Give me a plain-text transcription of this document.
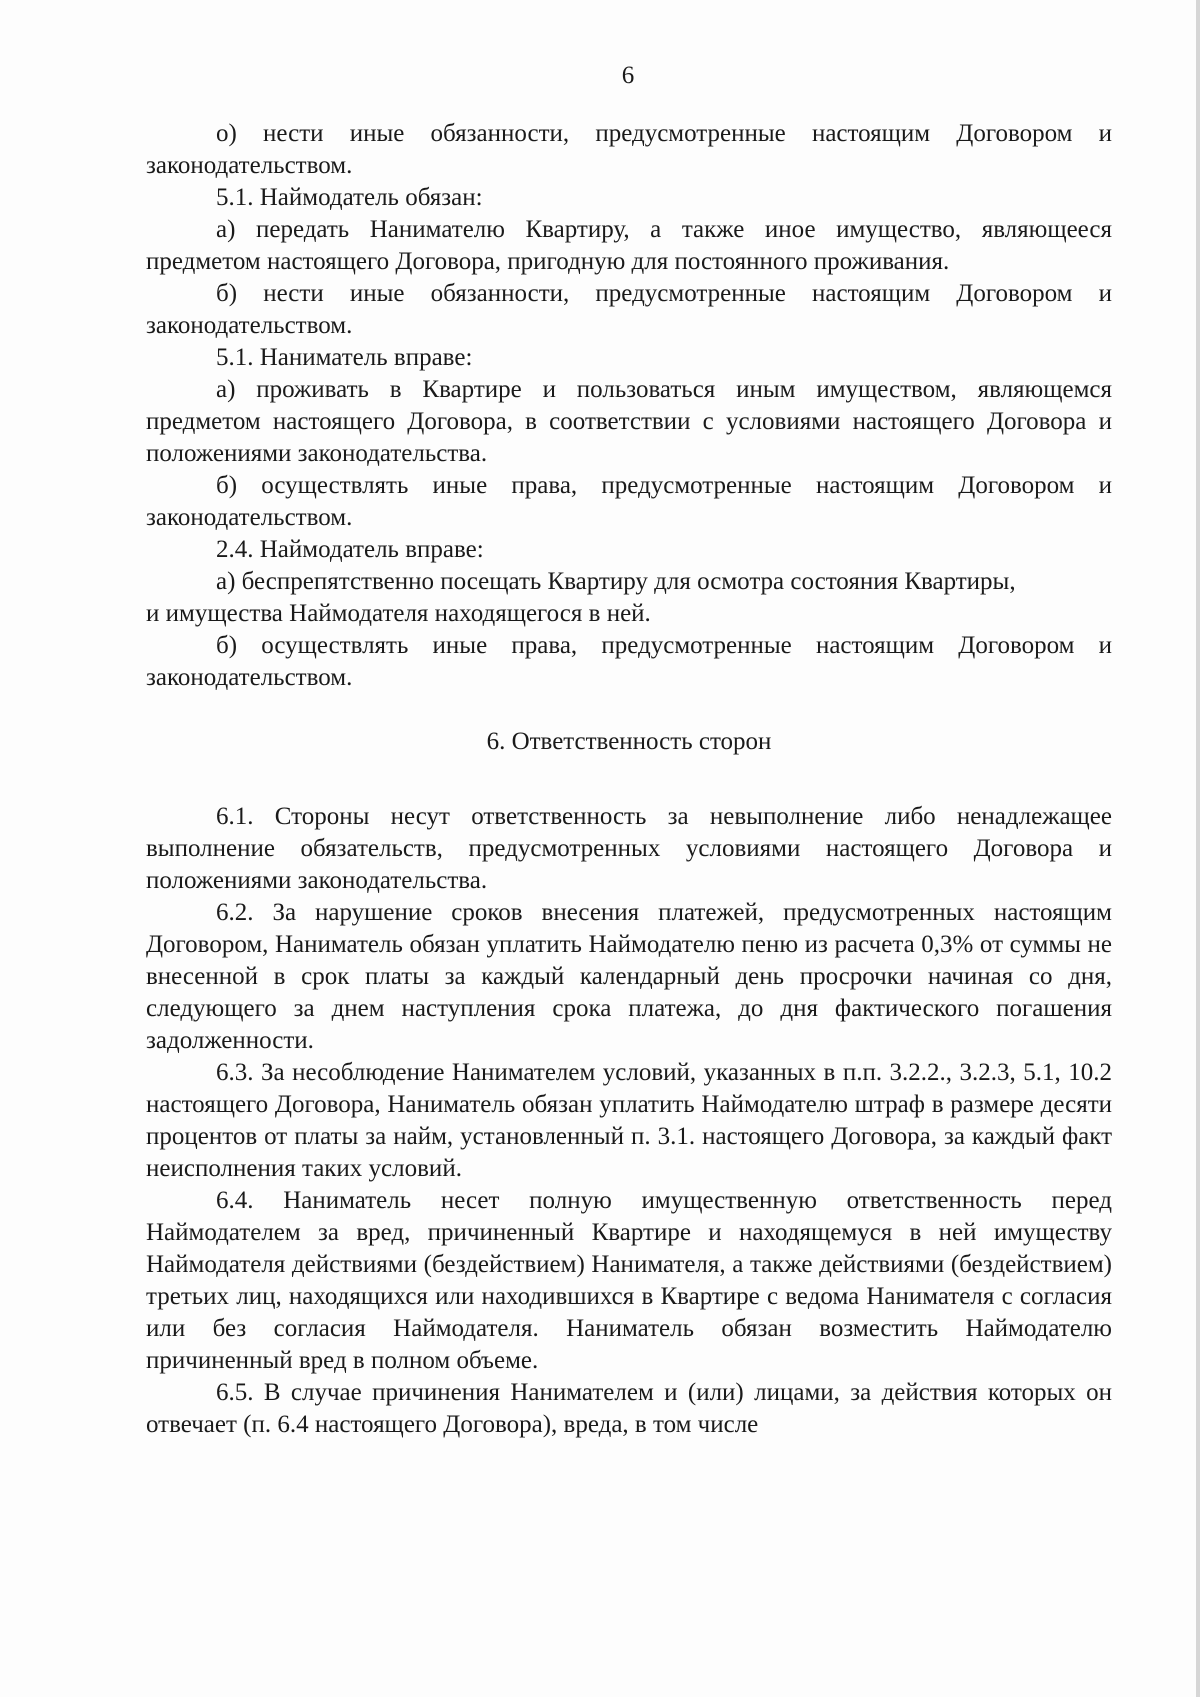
6

о) нести иные обязанности, предусмотренные настоящим Договором и законодательством.

5.1. Наймодатель обязан:

а) передать Нанимателю Квартиру, а также иное имущество, являющееся предметом настоящего Договора, пригодную для постоянного проживания.

б) нести иные обязанности, предусмотренные настоящим Договором и законодательством.

5.1. Наниматель вправе:

а) проживать в Квартире и пользоваться иным имуществом, являющемся предметом настоящего Договора, в соответствии с условиями настоящего Договора и положениями законодательства.

б) осуществлять иные права, предусмотренные настоящим Договором и законодательством.

2.4. Наймодатель вправе:

а) беспрепятственно посещать Квартиру для осмотра состояния Квартиры,

и имущества Наймодателя находящегося в ней.

б) осуществлять иные права, предусмотренные настоящим Договором и законодательством.

6. Ответственность сторон

6.1. Стороны несут ответственность за невыполнение либо ненадлежащее выполнение обязательств, предусмотренных условиями настоящего Договора и положениями законодательства.

6.2. За нарушение сроков внесения платежей, предусмотренных настоящим Договором, Наниматель обязан уплатить Наймодателю пеню из расчета 0,3% от суммы не внесенной в срок платы за каждый календарный день просрочки начиная со дня, следующего за днем наступления срока платежа, до дня фактического погашения задолженности.

6.3. За несоблюдение Нанимателем условий, указанных в п.п. 3.2.2., 3.2.3, 5.1, 10.2 настоящего Договора, Наниматель обязан уплатить Наймодателю штраф в размере десяти процентов от платы за найм, установленный п. 3.1. настоящего Договора, за каждый факт неисполнения таких условий.

6.4. Наниматель несет полную имущественную ответственность перед Наймодателем за вред, причиненный Квартире и находящемуся в ней имуществу Наймодателя действиями (бездействием) Нанимателя, а также действиями (бездействием) третьих лиц, находящихся или находившихся в Квартире с ведома Нанимателя с согласия или без согласия Наймодателя. Наниматель обязан возместить Наймодателю причиненный вред в полном объеме.

6.5. В случае причинения Нанимателем и (или) лицами, за действия которых он отвечает (п. 6.4 настоящего Договора), вреда, в том числе
